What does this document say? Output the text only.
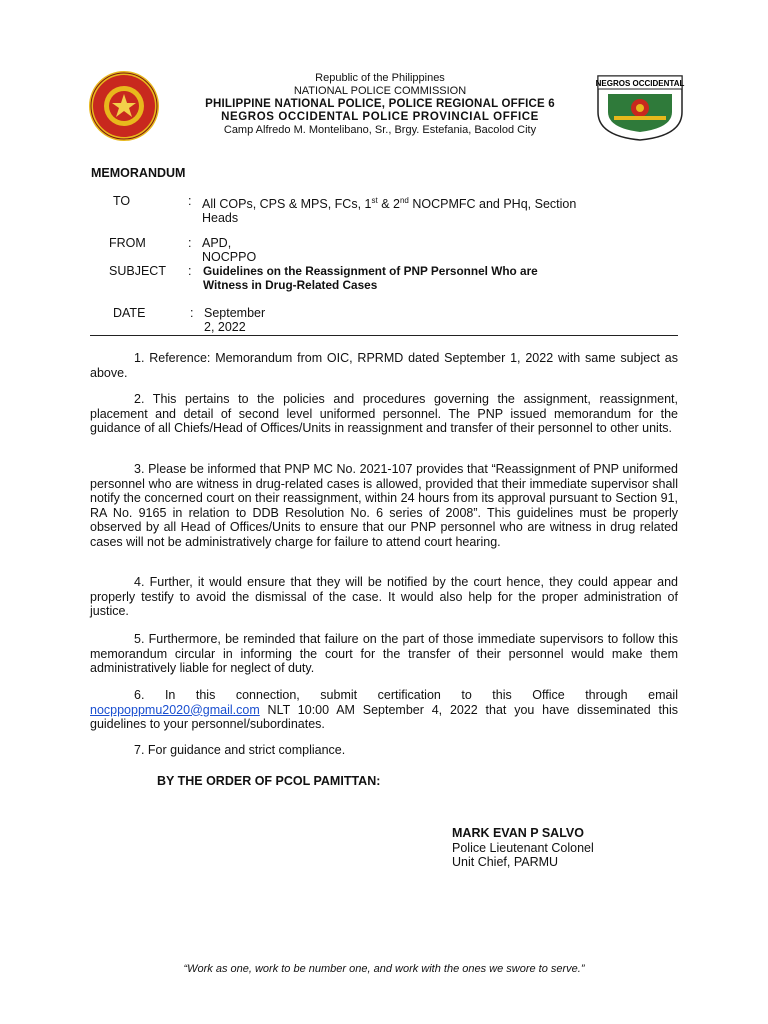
Republic of the Philippines
NATIONAL POLICE COMMISSION
PHILIPPINE NATIONAL POLICE, POLICE REGIONAL OFFICE 6
NEGROS OCCIDENTAL POLICE PROVINCIAL OFFICE
Camp Alfredo M. Montelibano, Sr., Brgy. Estefania, Bacolod City
NEGROS OCCIDENTAL
MEMORANDUM
TO	: All COPs, CPS & MPS, FCs, 1st & 2nd NOCPMFC and PHq, Section
Heads
FROM	: APD, NOCPPO
SUBJECT : Guidelines on the Reassignment of PNP Personnel Who are
Witness in Drug-Related Cases
DATE	: September 2, 2022

1. Reference: Memorandum from OIC, RPRMD dated September 1, 2022 with same subject as above.

2. This pertains to the policies and procedures governing the assignment, reassignment, placement and detail of second level uniformed personnel. The PNP issued memorandum for the guidance of all Chiefs/Head of Offices/Units in reassignment and transfer of their personnel to other units.

3. Please be informed that PNP MC No. 2021-107 provides that “Reassignment of PNP uniformed personnel who are witness in drug-related cases is allowed, provided that their immediate supervisor shall notify the concerned court on their reassignment, within 24 hours from its approval pursuant to Section 91, RA No. 9165 in relation to DDB Resolution No. 6 series of 2008”. This guidelines must be properly observed by all Head of Offices/Units to ensure that our PNP personnel who are witness in drug related cases will not be administratively charge for failure to attend court hearing.

4. Further, it would ensure that they will be notified by the court hence, they could appear and properly testify to avoid the dismissal of the case. It would also help for the proper administration of justice.

5. Furthermore, be reminded that failure on the part of those immediate supervisors to follow this memorandum circular in informing the court for the transfer of their personnel would make them administratively liable for neglect of duty.

6. In this connection, submit certification to this Office through email nocppoppmu2020@gmail.com NLT 10:00 AM September 4, 2022 that you have disseminated this guidelines to your personnel/subordinates.

7. For guidance and strict compliance.

BY THE ORDER OF PCOL PAMITTAN:
MARK EVAN P SALVO
Police Lieutenant Colonel
Unit Chief, PARMU
“Work as one, work to be number one, and work with the ones we swore to serve.”
